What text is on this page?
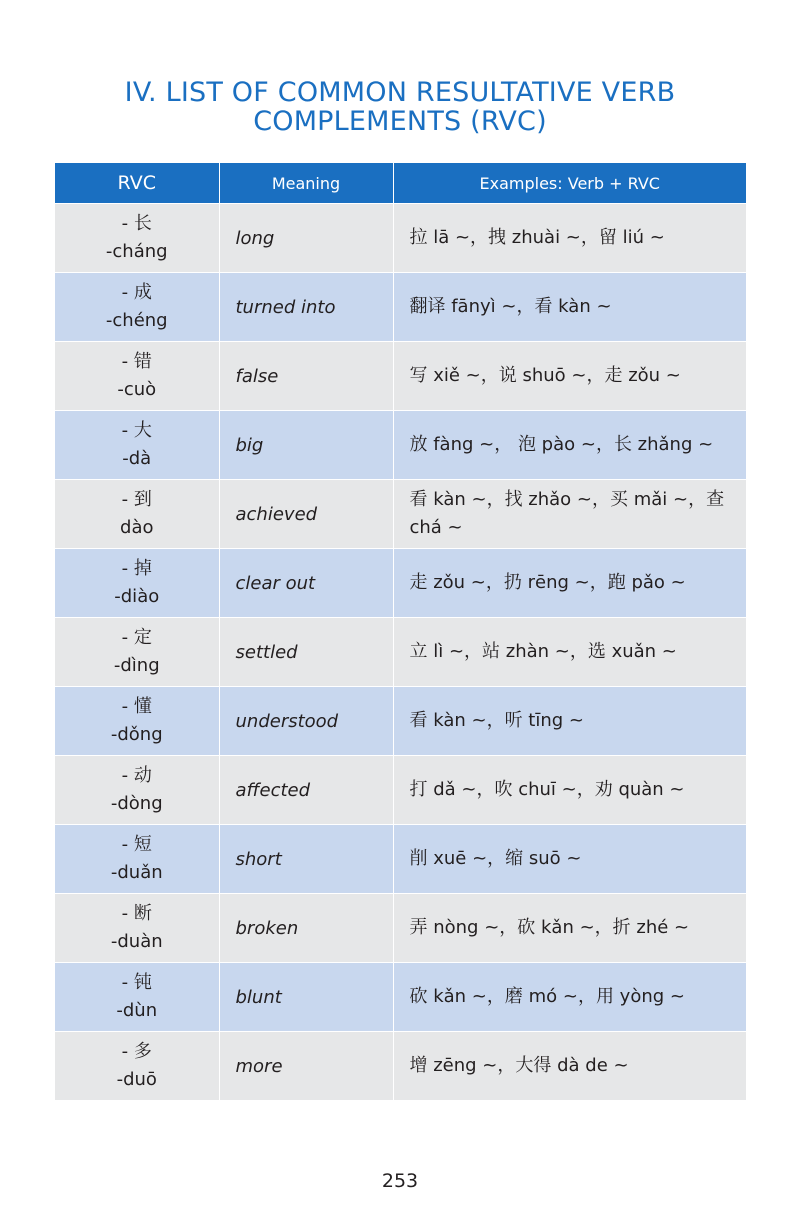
IV. LIST OF COMMON RESULTATIVE VERB
COMPLEMENTS (RVC)
RVC	Meaning	Examples: Verb + RVC

- 长
-cháng	long	拉 lā ~，拽 zhuài ~，留 liú ~

- 成
-chéng	turned into	翻译 fānyì ~，看 kàn ~

- 错
-cuò	false	写 xiě ~，说 shuō ~，走 zǒu ~

- 大
-dà	big	放 fàng ~， 泡 pào ~，长 zhǎng ~

- 到
dào	achieved	看 kàn ~，找 zhǎo ~，买 mǎi ~，查 chá ~

- 掉
-diào	clear out	走 zǒu ~，扔 rēng ~，跑 pǎo ~

- 定
-dìng	settled	立 lì ~，站 zhàn ~，选 xuǎn ~

- 懂
-dǒng	understood	看 kàn ~，听 tīng ~

- 动
-dòng	affected	打 dǎ ~，吹 chuī ~，劝 quàn ~

- 短
-duǎn	short	削 xuē ~，缩 suō ~

- 断
-duàn	broken	弄 nòng ~，砍 kǎn ~，折 zhé ~

- 钝
-dùn	blunt	砍 kǎn ~，磨 mó ~，用 yòng ~

- 多
-duō	more	增 zēng ~，大得 dà de ~
253
